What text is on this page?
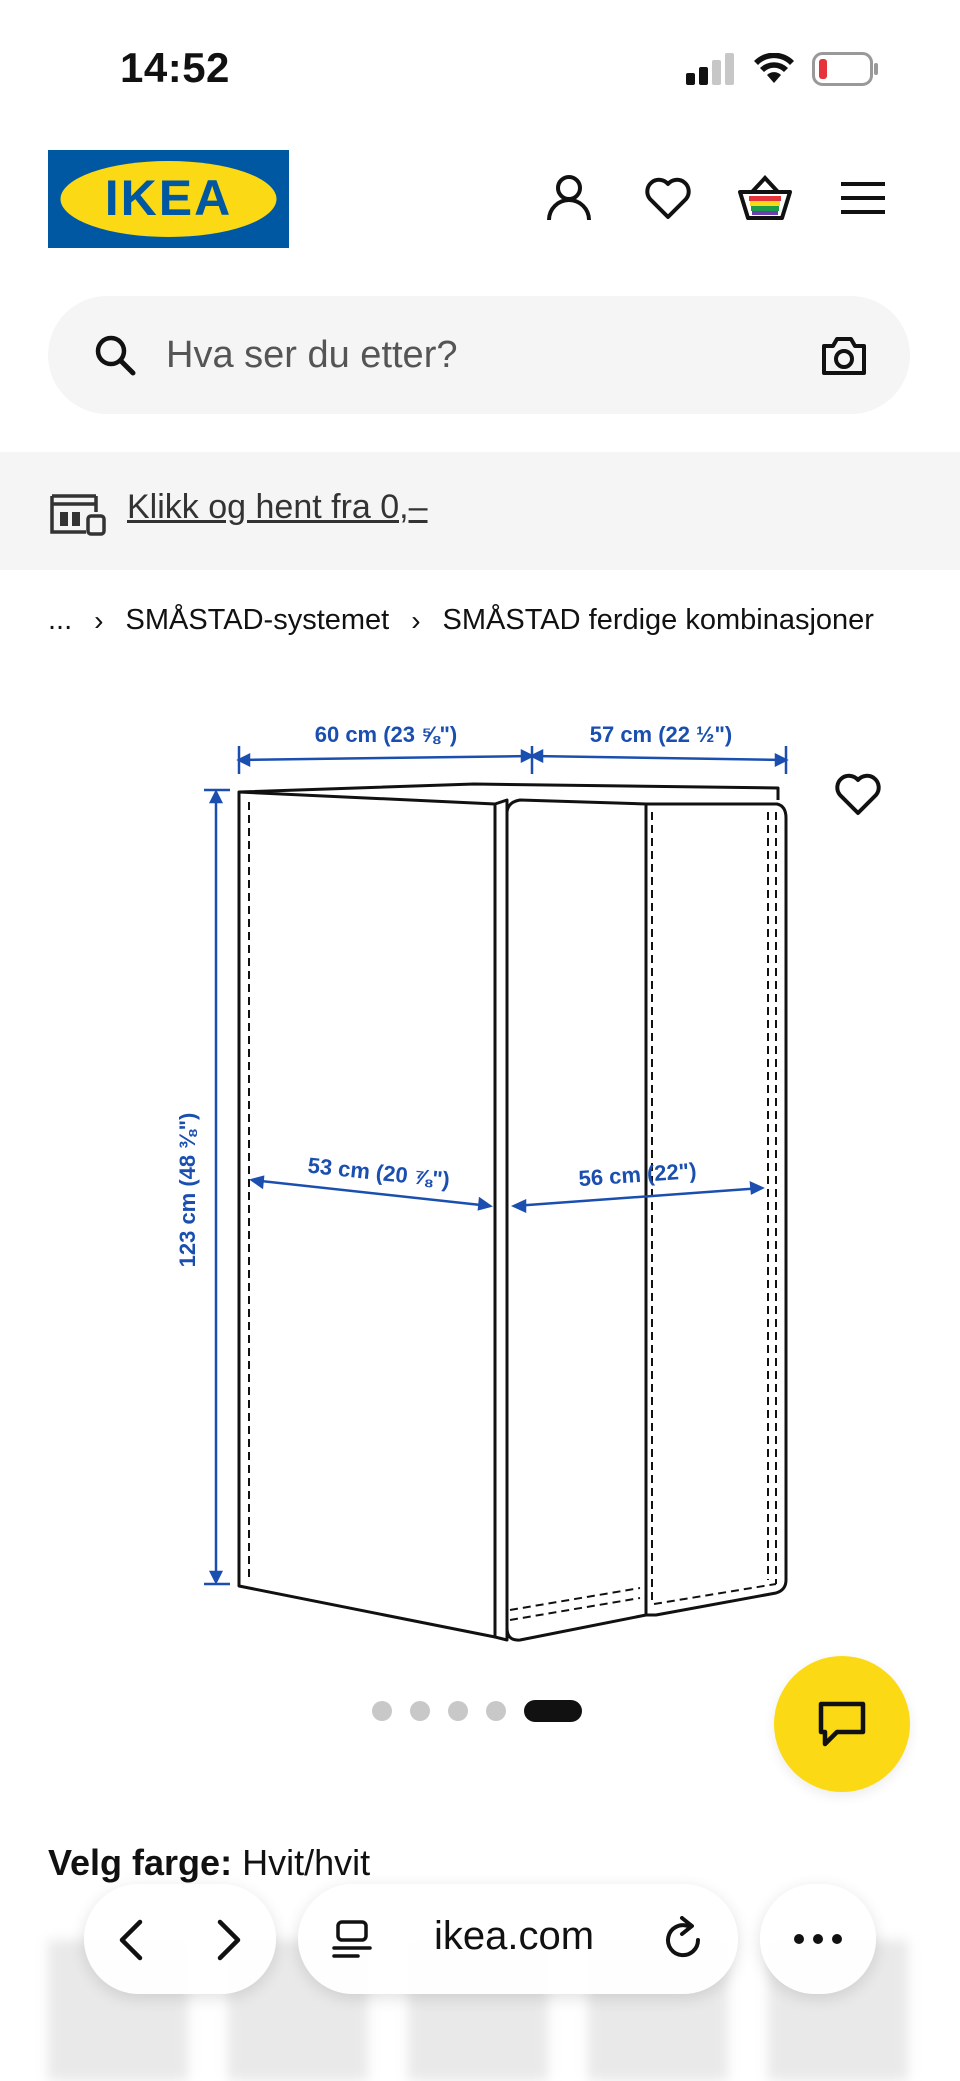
14:52
IKEA
Hva ser du etter?
Klikk og hent fra 0,–
... › SMÅSTAD-systemet › SMÅSTAD ferdige kombinasjoner
60 cm (23 ⅝")	57 cm (22 ½")
123 cm (48 ⅜")	53 cm (20 ⅞")	56 cm (22")
Velg farge: Hvit/hvit
ikea.com
